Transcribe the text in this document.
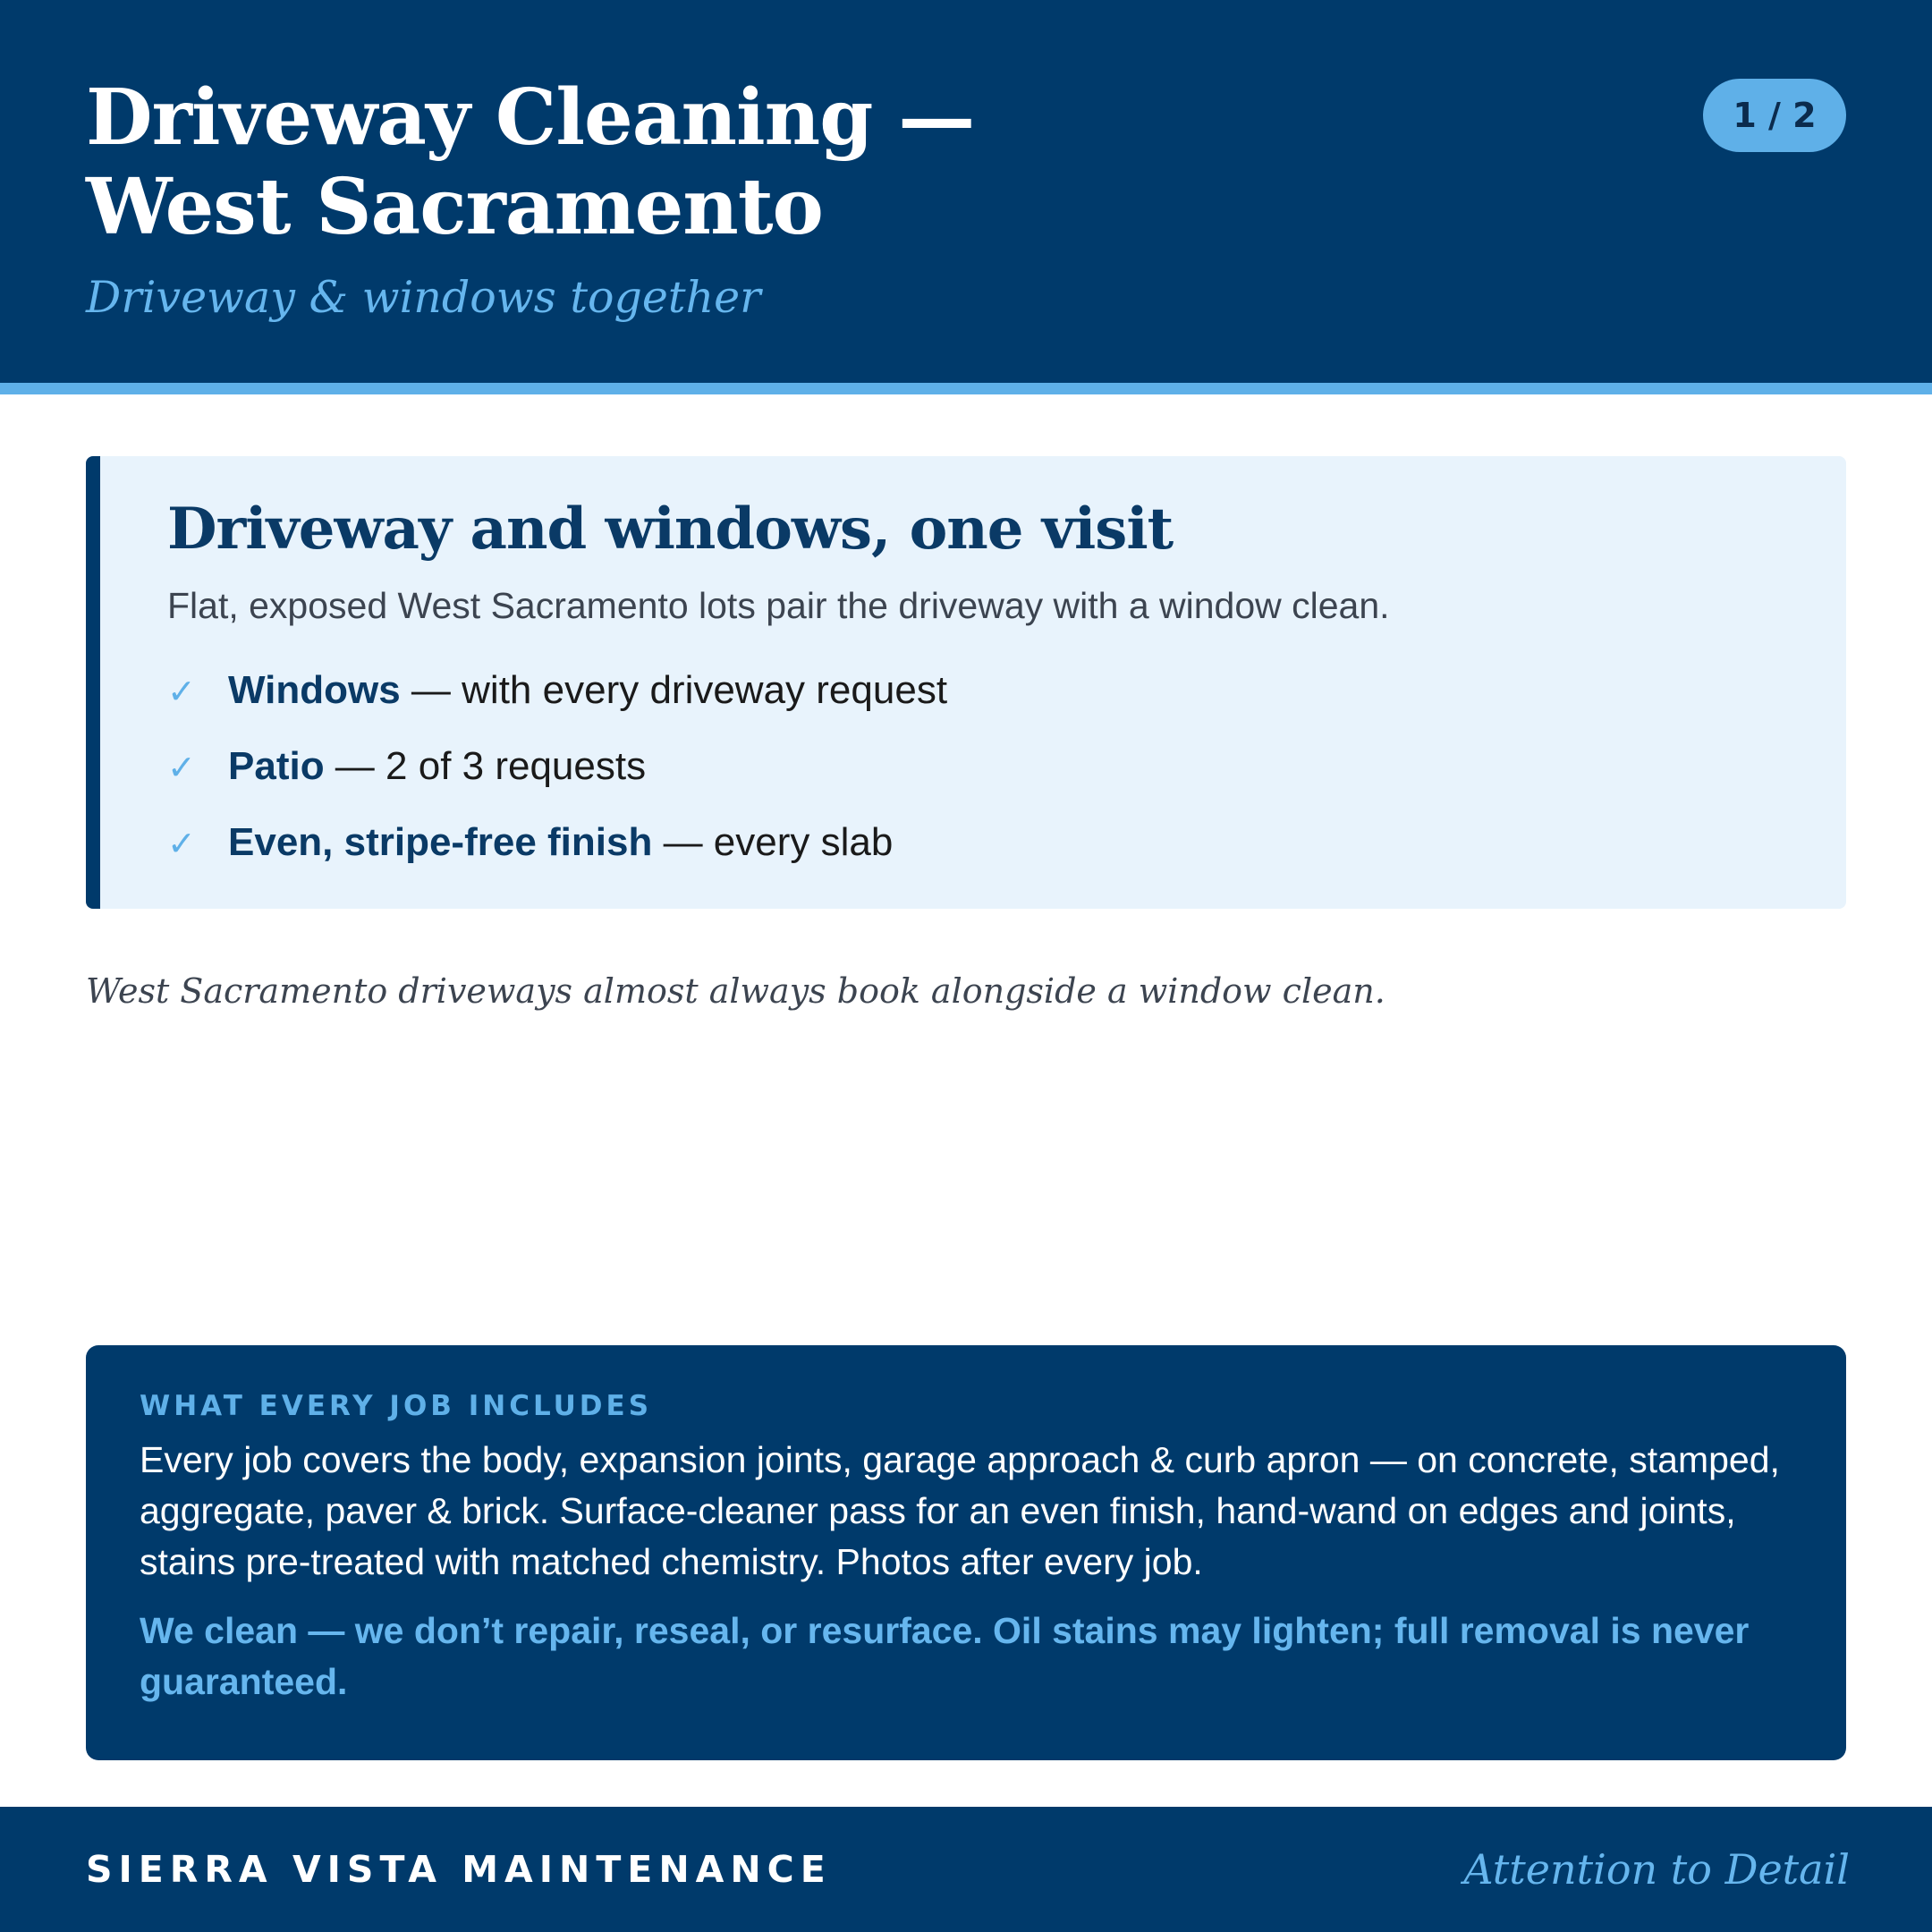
Driveway Cleaning —
West Sacramento
Driveway & windows together
1 / 2
Driveway and windows, one visit
Flat, exposed West Sacramento lots pair the driveway with a window clean.
✓ Windows — with every driveway request
✓ Patio — 2 of 3 requests
✓ Even, stripe-free finish — every slab
West Sacramento driveways almost always book alongside a window clean.
WHAT EVERY JOB INCLUDES

Every job covers the body, expansion joints, garage approach & curb apron — on concrete, stamped, aggregate, paver & brick. Surface-cleaner pass for an even finish, hand-wand on edges and joints, stains pre-treated with matched chemistry. Photos after every job.

We clean — we don’t repair, reseal, or resurface. Oil stains may lighten; full removal is never guaranteed.

SIERRA VISTA MAINTENANCE	Attention to Detail
